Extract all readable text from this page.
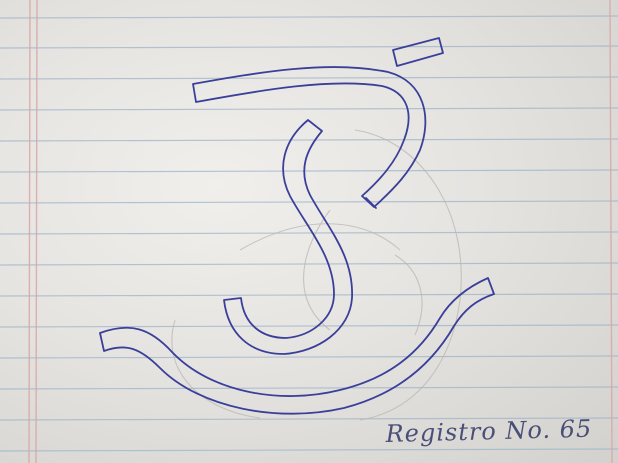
Registro No. 65
